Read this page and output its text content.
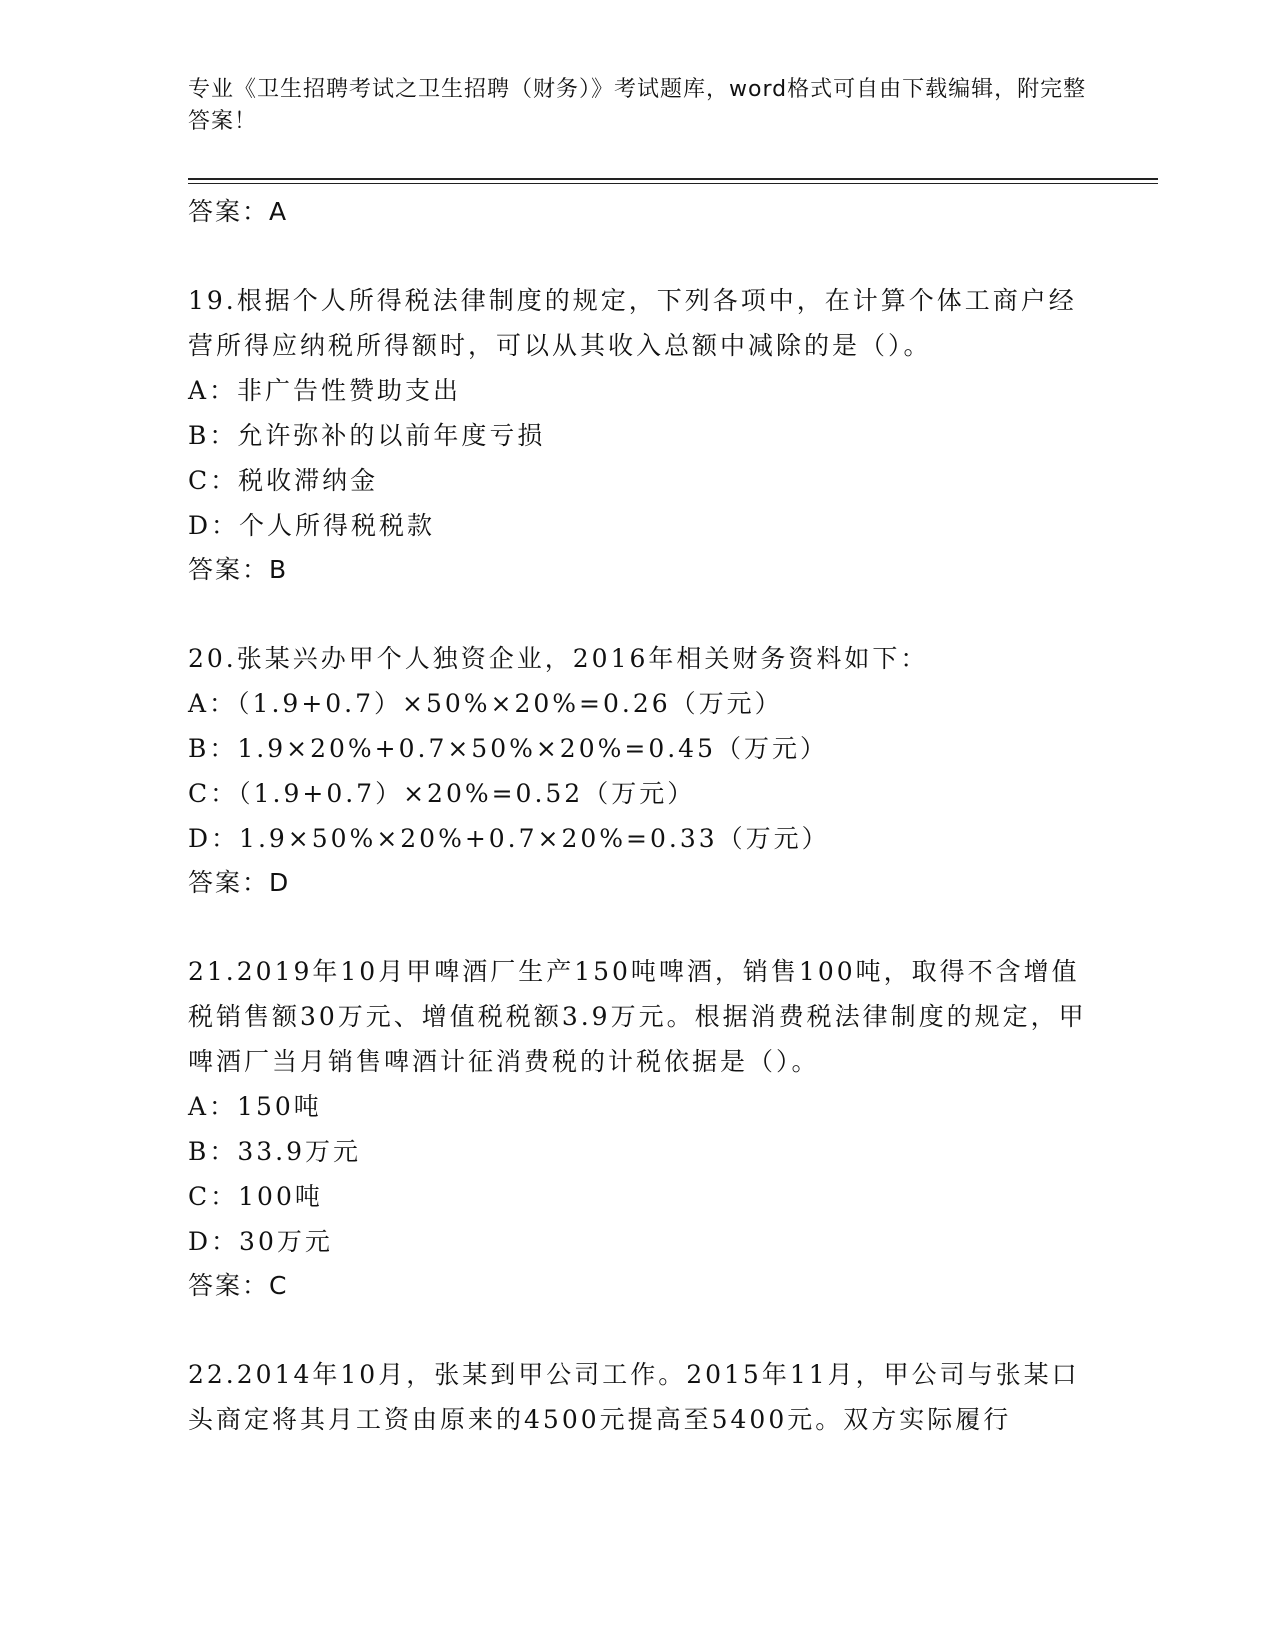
专业《卫生招聘考试之卫生招聘（财务）》考试题库，word格式可自由下载编辑，附完整答案！
答案：A
19.根据个人所得税法律制度的规定，下列各项中，在计算个体工商户经营所得应纳税所得额时，可以从其收入总额中减除的是（）。
A：非广告性赞助支出
B：允许弥补的以前年度亏损
C：税收滞纳金
D：个人所得税税款
答案：B
20.张某兴办甲个人独资企业，2016年相关财务资料如下：
A：（1.9+0.7）×50%×20%=0.26（万元）
B：1.9×20%+0.7×50%×20%=0.45（万元）
C：（1.9+0.7）×20%=0.52（万元）
D：1.9×50%×20%+0.7×20%=0.33（万元）
答案：D
21.2019年10月甲啤酒厂生产150吨啤酒，销售100吨，取得不含增值税销售额30万元、增值税税额3.9万元。根据消费税法律制度的规定，甲啤酒厂当月销售啤酒计征消费税的计税依据是（）。
A：150吨
B：33.9万元
C：100吨
D：30万元
答案：C
22.2014年10月，张某到甲公司工作。2015年11月，甲公司与张某口头商定将其月工资由原来的4500元提高至5400元。双方实际履行
